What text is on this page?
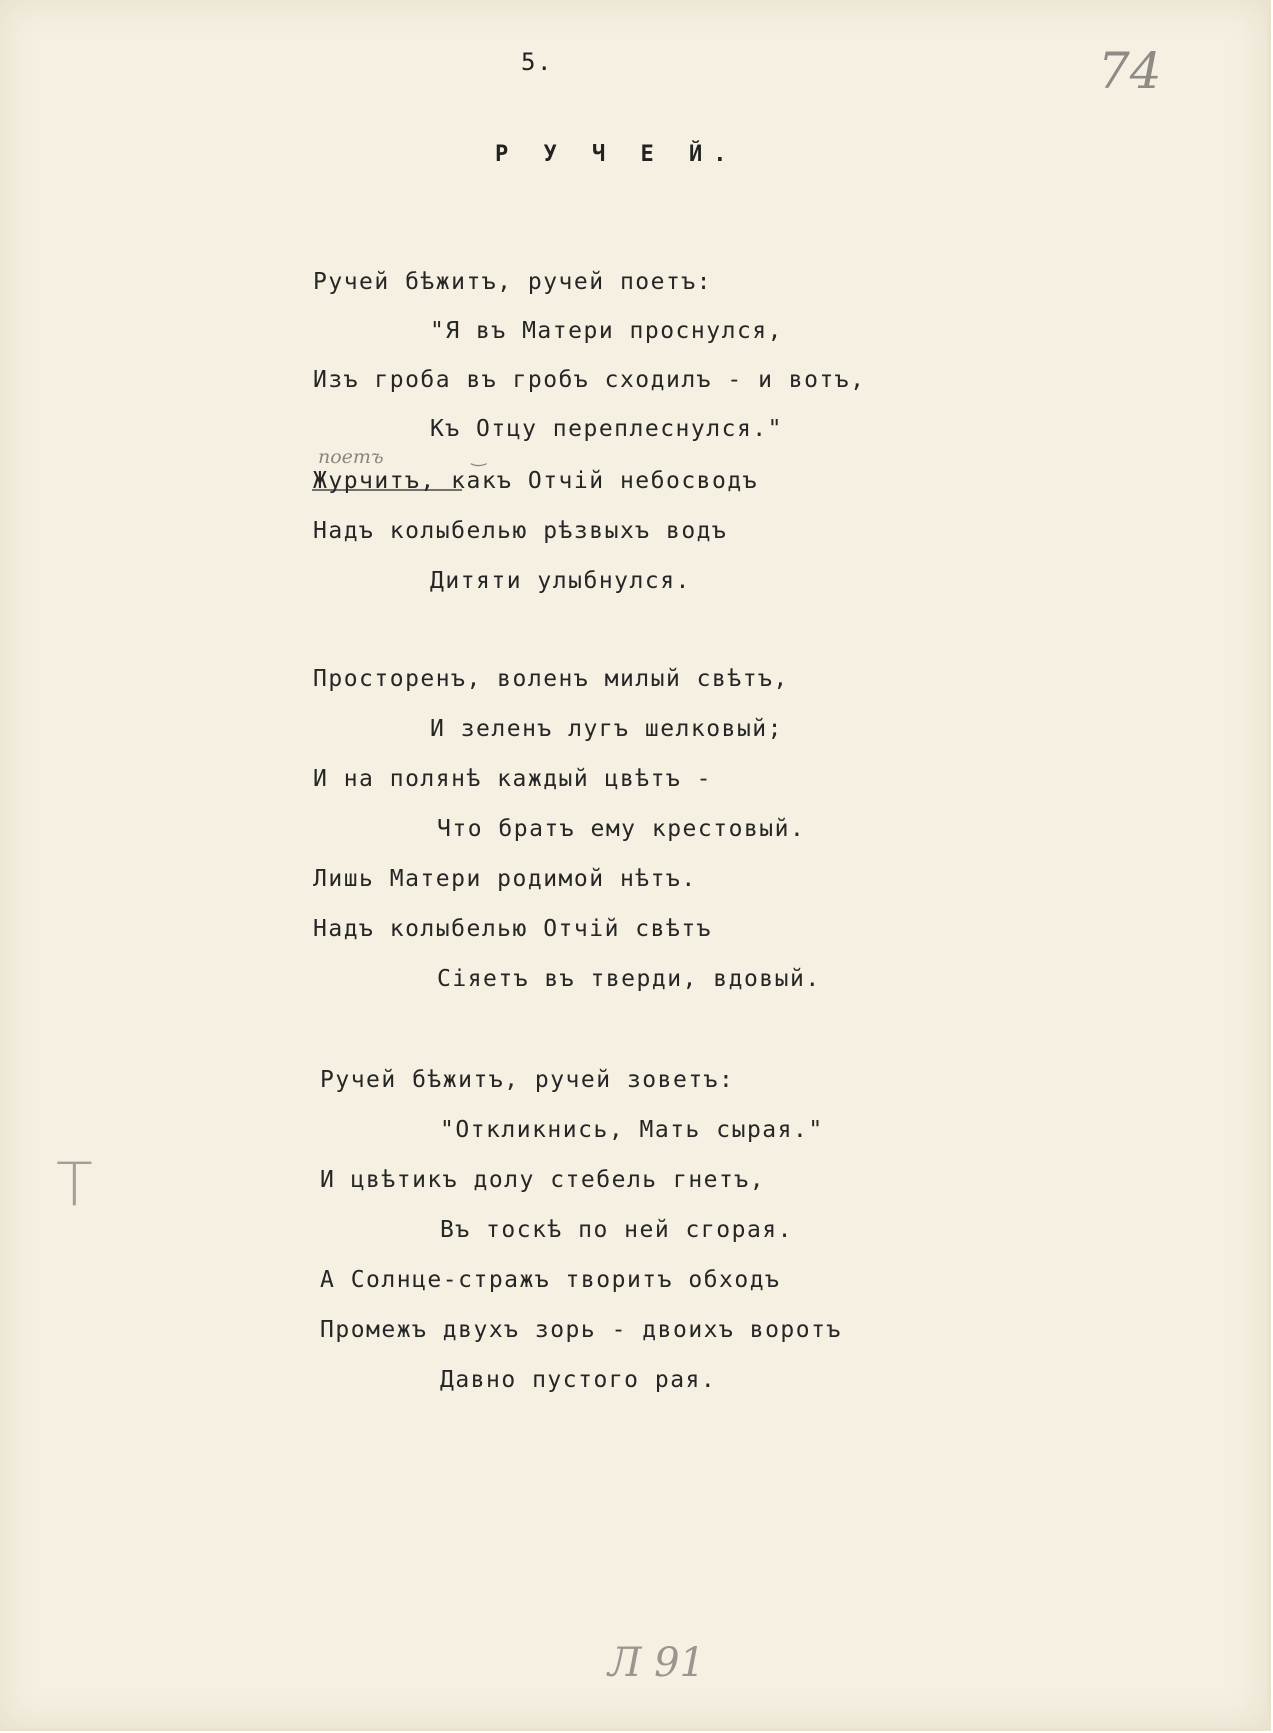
5.	74
Р У Ч Е Й.
Ручей бѣжитъ, ручей поетъ:
"Я въ Матери проснулся,
Изъ гроба въ гробъ сходилъ - и вотъ,
Къ Отцу переплеснулся."
поетъ	‿
Журчитъ, какъ Отчій небосводъ
Надъ колыбелью рѣзвыхъ водъ
Дитяти улыбнулся.
Просторенъ, воленъ милый свѣтъ,
И зеленъ лугъ шелковый;
И на полянѣ каждый цвѣтъ -
Что братъ ему крестовый.
Лишь Матери родимой нѣтъ.
Надъ колыбелью Отчій свѣтъ
Сіяетъ въ тверди, вдовый.
Ручей бѣжитъ, ручей зоветъ:
"Откликнись, Мать сырая."
И цвѣтикъ долу стебель гнетъ,
Въ тоскѣ по ней сгорая.
А Солнце-стражъ творитъ обходъ
Промежъ двухъ зорь - двоихъ воротъ
Давно пустого рая.
Т
Л 91
